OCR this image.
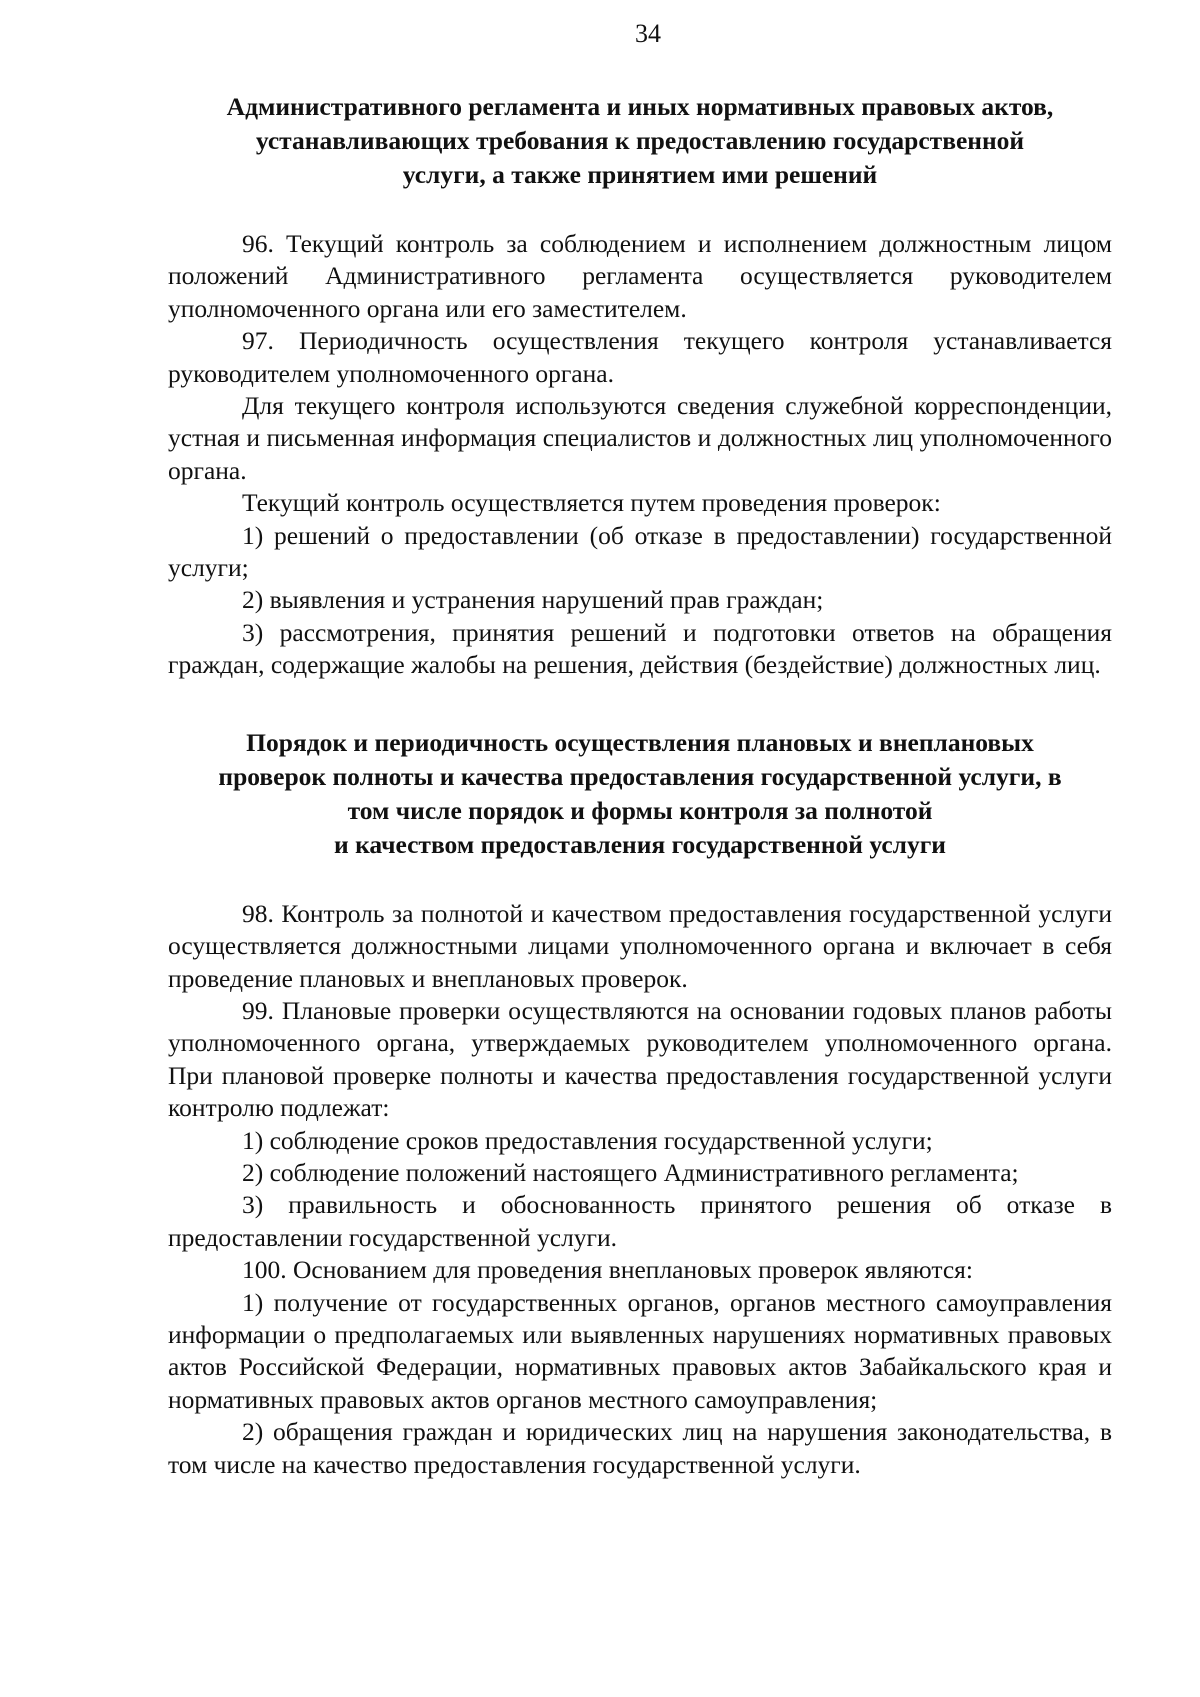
34
Административного регламента и иных нормативных правовых актов,
устанавливающих требования к предоставлению государственной
услуги, а также принятием ими решений

96. Текущий контроль за соблюдением и исполнением должностным лицом положений Административного регламента осуществляется руководителем уполномоченного органа или его заместителем.

97. Периодичность осуществления текущего контроля устанавливается руководителем уполномоченного органа.

Для текущего контроля используются сведения служебной корреспонденции, устная и письменная информация специалистов и должностных лиц уполномоченного органа.

Текущий контроль осуществляется путем проведения проверок:

1) решений о предоставлении (об отказе в предоставлении) государственной услуги;

2) выявления и устранения нарушений прав граждан;

3) рассмотрения, принятия решений и подготовки ответов на обращения граждан, содержащие жалобы на решения, действия (бездействие) должностных лиц.

Порядок и периодичность осуществления плановых и внеплановых
проверок полноты и качества предоставления государственной услуги, в
том числе порядок и формы контроля за полнотой
и качеством предоставления государственной услуги

98. Контроль за полнотой и качеством предоставления государственной услуги осуществляется должностными лицами уполномоченного органа и включает в себя проведение плановых и внеплановых проверок.

99. Плановые проверки осуществляются на основании годовых планов работы уполномоченного органа, утверждаемых руководителем уполномоченного органа. При плановой проверке полноты и качества предоставления государственной услуги контролю подлежат:

1) соблюдение сроков предоставления государственной услуги;

2) соблюдение положений настоящего Административного регламента;

3) правильность и обоснованность принятого решения об отказе в предоставлении государственной услуги.

100. Основанием для проведения внеплановых проверок являются:

1) получение от государственных органов, органов местного самоуправления информации о предполагаемых или выявленных нарушениях нормативных правовых актов Российской Федерации, нормативных правовых актов Забайкальского края и нормативных правовых актов органов местного самоуправления;

2) обращения граждан и юридических лиц на нарушения законодательства, в том числе на качество предоставления государственной услуги.
